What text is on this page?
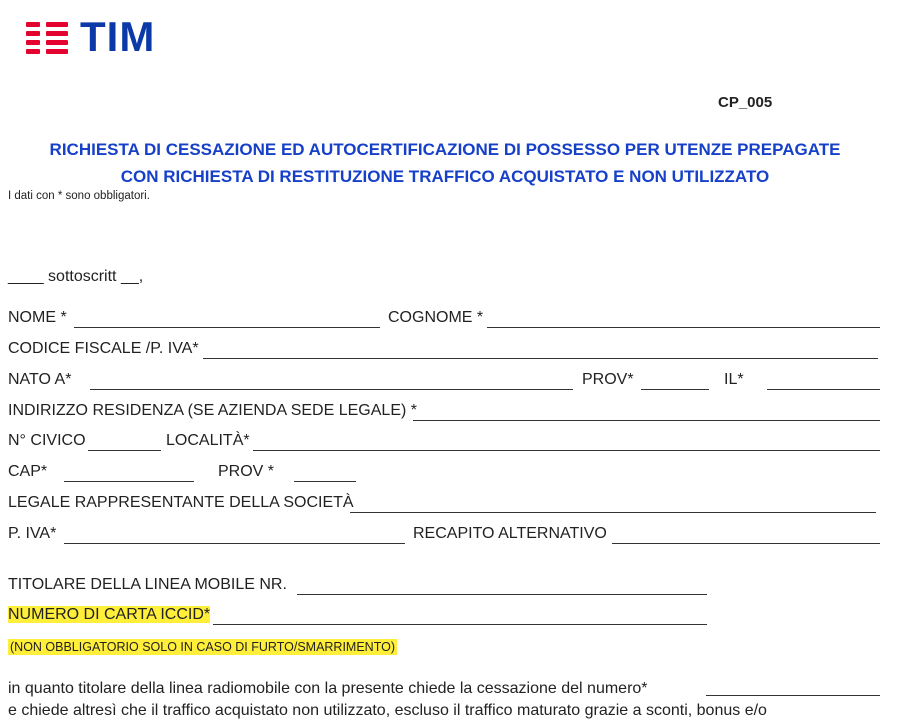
TIM
CP_005
RICHIESTA DI CESSAZIONE ED AUTOCERTIFICAZIONE DI POSSESSO PER UTENZE PREPAGATE
CON RICHIESTA DI RESTITUZIONE TRAFFICO ACQUISTATO E NON UTILIZZATO
I dati con * sono obbligatori.
____ sottoscritt __,
NOME *	COGNOME *
CODICE FISCALE /P. IVA*
NATO A*	PROV*	IL*
INDIRIZZO RESIDENZA (SE AZIENDA SEDE LEGALE) *
N° CIVICO	LOCALITÀ*
CAP*	PROV *
LEGALE RAPPRESENTANTE DELLA SOCIETÀ
P. IVA*	RECAPITO ALTERNATIVO
TITOLARE DELLA LINEA MOBILE NR.
NUMERO DI CARTA ICCID*
(NON OBBLIGATORIO SOLO IN CASO DI FURTO/SMARRIMENTO)
in quanto titolare della linea radiomobile con la presente chiede la cessazione del numero*
e chiede altresì che il traffico acquistato non utilizzato, escluso il traffico maturato grazie a sconti, bonus e/o
